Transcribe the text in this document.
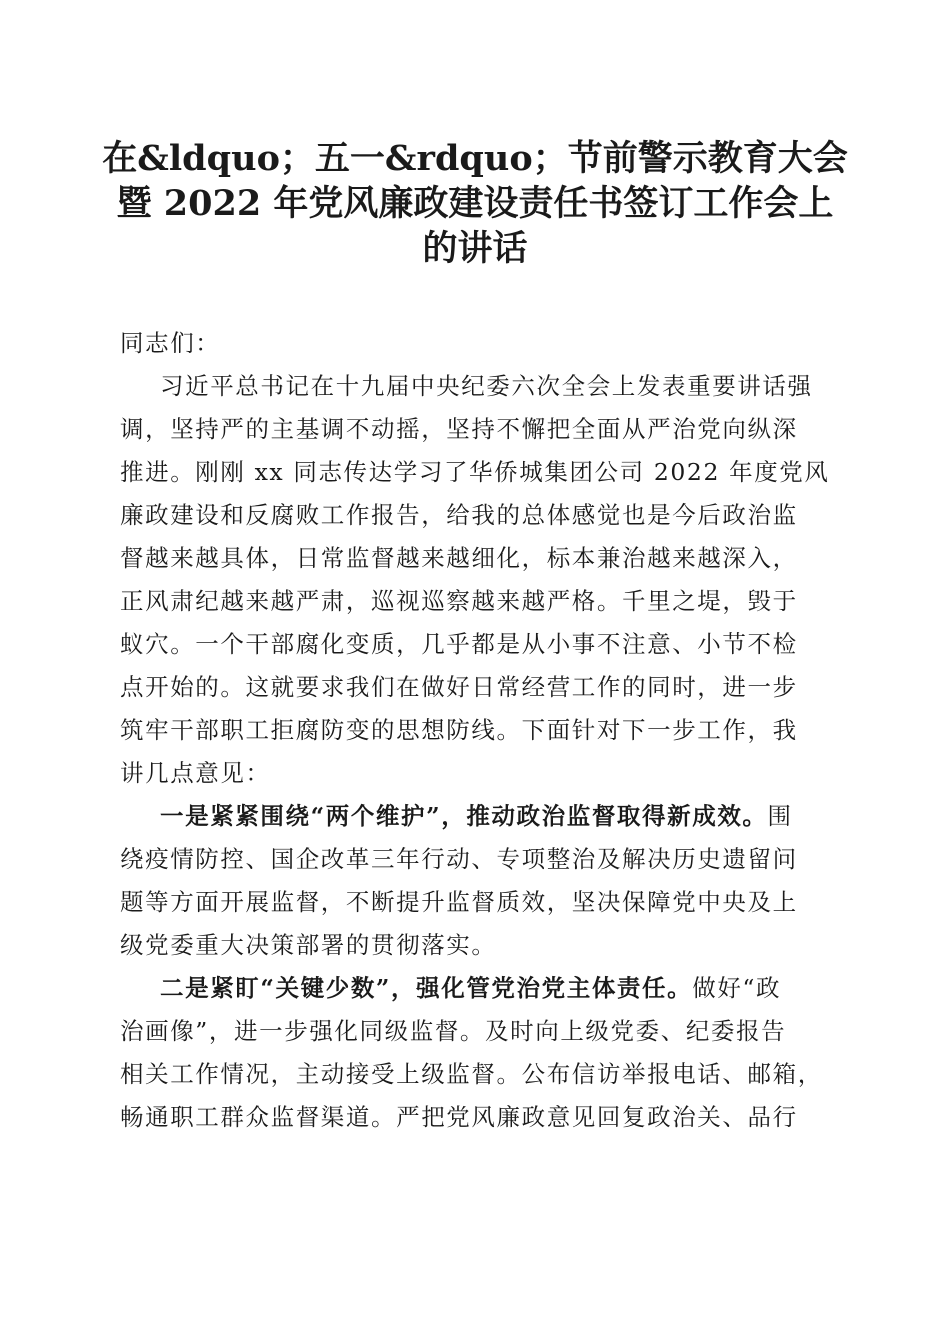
在&ldquo；五一&rdquo；节前警示教育大会
暨 2022 年党风廉政建设责任书签订工作会上
的讲话
同志们：
习近平总书记在十九届中央纪委六次全会上发表重要讲话强
调，坚持严的主基调不动摇，坚持不懈把全面从严治党向纵深
推进。刚刚 xx 同志传达学习了华侨城集团公司 2022 年度党风
廉政建设和反腐败工作报告，给我的总体感觉也是今后政治监
督越来越具体，日常监督越来越细化，标本兼治越来越深入，
正风肃纪越来越严肃，巡视巡察越来越严格。千里之堤，毁于
蚁穴。一个干部腐化变质，几乎都是从小事不注意、小节不检
点开始的。这就要求我们在做好日常经营工作的同时，进一步
筑牢干部职工拒腐防变的思想防线。下面针对下一步工作，我
讲几点意见：
一是紧紧围绕“两个维护”，推动政治监督取得新成效。围
绕疫情防控、国企改革三年行动、专项整治及解决历史遗留问
题等方面开展监督，不断提升监督质效，坚决保障党中央及上
级党委重大决策部署的贯彻落实。
二是紧盯“关键少数”，强化管党治党主体责任。做好“政
治画像”，进一步强化同级监督。及时向上级党委、纪委报告
相关工作情况，主动接受上级监督。公布信访举报电话、邮箱，
畅通职工群众监督渠道。严把党风廉政意见回复政治关、品行
